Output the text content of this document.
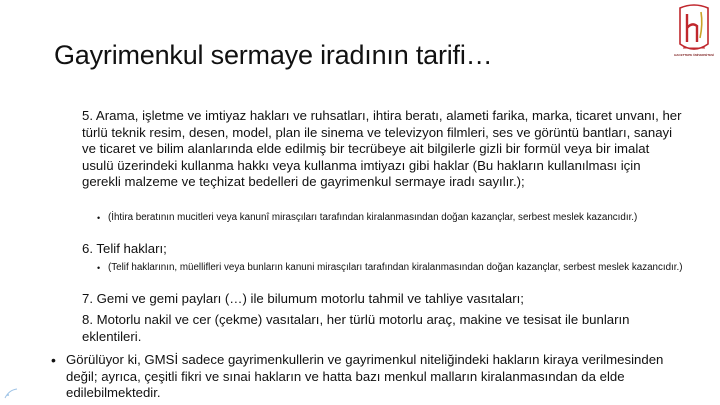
Gayrimenkul sermaye iradının tarifi…	HACETTEPE ÜNİVERSİTESİ
5. Arama, işletme ve imtiyaz hakları ve ruhsatları, ihtira beratı, alameti farika, marka, ticaret unvanı, her türlü teknik resim, desen, model, plan ile sinema ve televizyon filmleri, ses ve görüntü bantları, sanayi ve ticaret ve bilim alanlarında elde edilmiş bir tecrübeye ait bilgilerle gizli bir formül veya bir imalat usulü üzerindeki kullanma hakkı veya kullanma imtiyazı gibi haklar (Bu hakların kullanılması için gerekli malzeme ve teçhizat bedelleri de gayrimenkul sermaye iradı sayılır.);
• (İhtira beratının mucitleri veya kanunî mirasçıları tarafından kiralanmasından doğan kazançlar, serbest meslek kazancıdır.)
6. Telif hakları;
• (Telif haklarının, müellifleri veya bunların kanuni mirasçıları tarafından kiralanmasından doğan kazançlar, serbest meslek kazancıdır.)
7. Gemi ve gemi payları (…) ile bilumum motorlu tahmil ve tahliye vasıtaları;
8. Motorlu nakil ve cer (çekme) vasıtaları, her türlü motorlu araç, makine ve tesisat ile bunların eklentileri.
• Görülüyor ki, GMSİ sadece gayrimenkullerin ve gayrimenkul niteliğindeki hakların kiraya verilmesinden değil; ayrıca, çeşitli fikri ve sınai hakların ve hatta bazı menkul malların kiralanmasından da elde edilebilmektedir.
